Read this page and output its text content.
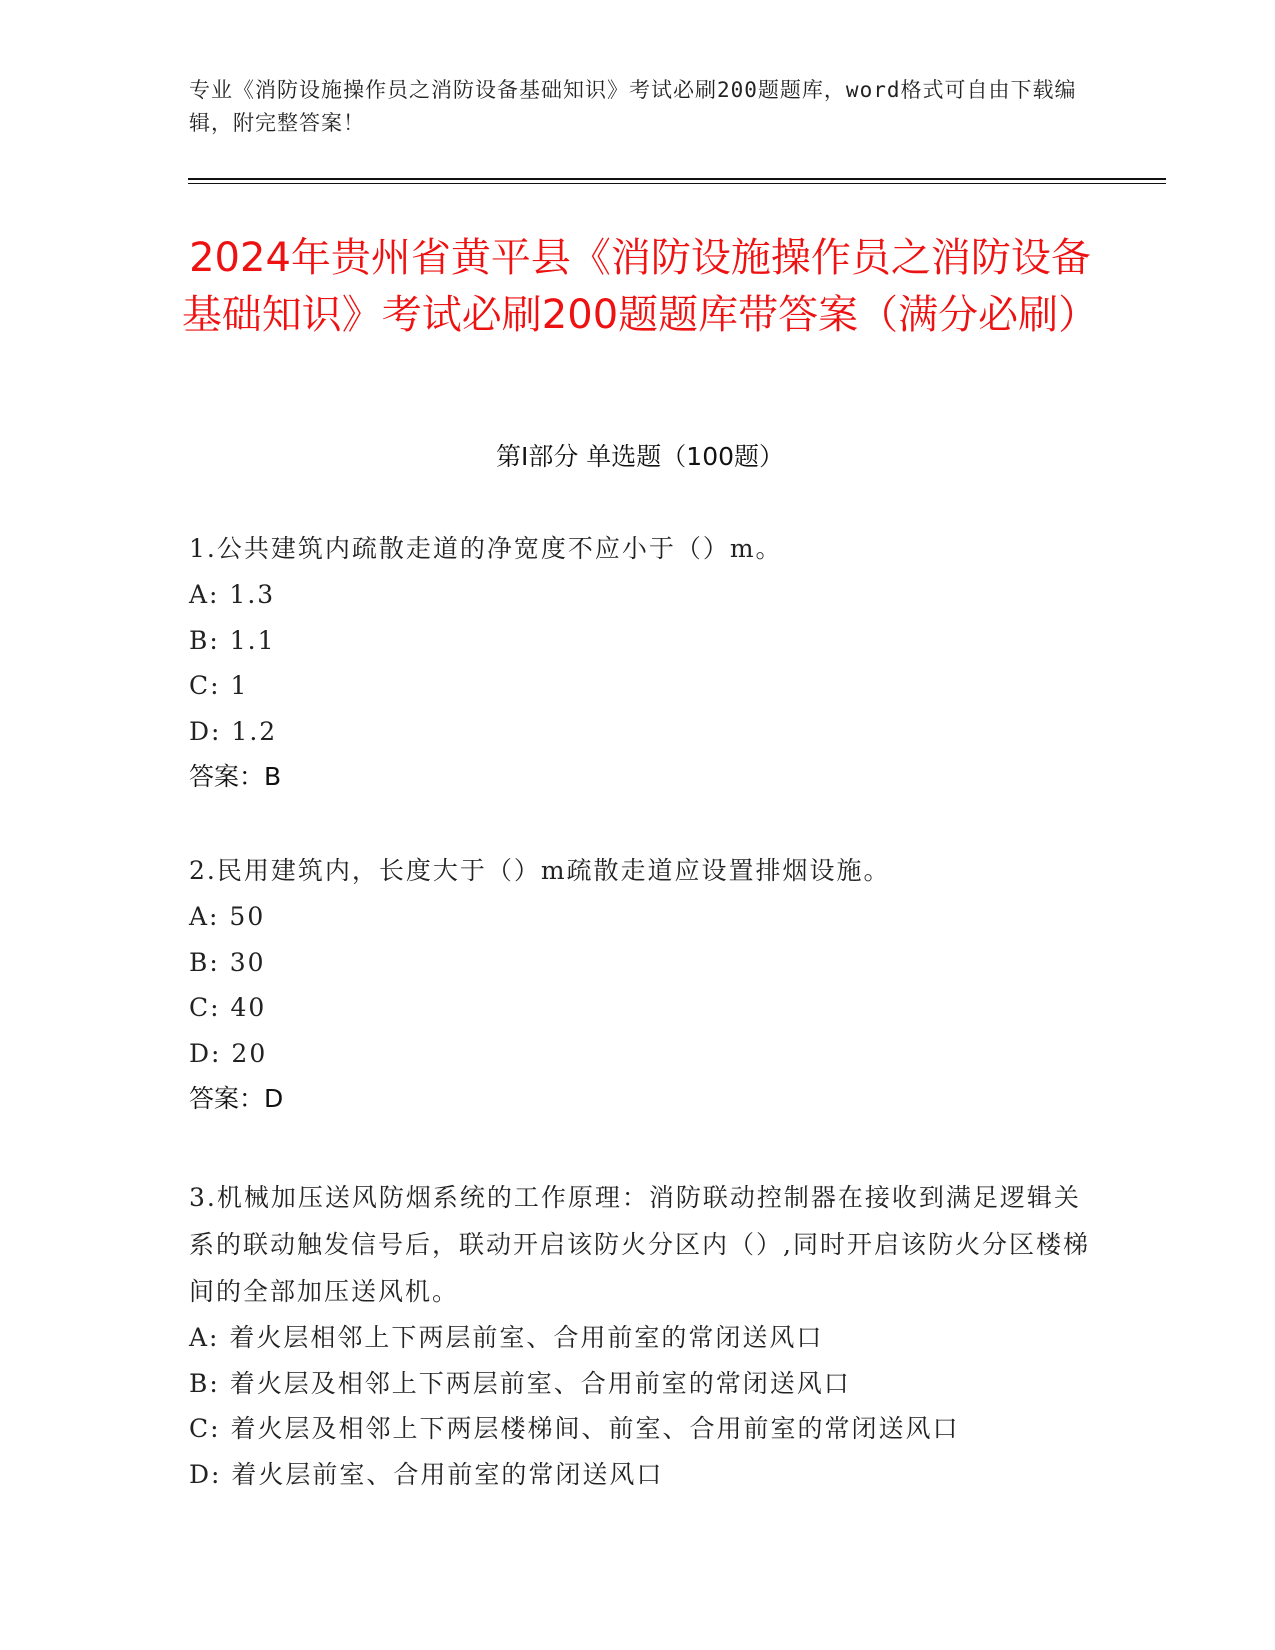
专业《消防设施操作员之消防设备基础知识》考试必刷200题题库，word格式可自由下载编辑，附完整答案！
2024年贵州省黄平县《消防设施操作员之消防设备基础知识》考试必刷200题题库带答案（满分必刷）
第I部分 单选题（100题）
1.公共建筑内疏散走道的净宽度不应小于（）m。
A: 1.3
B: 1.1
C: 1
D: 1.2
答案：B
2.民用建筑内，长度大于（）m疏散走道应设置排烟设施。
A: 50
B: 30
C: 40
D: 20
答案：D
3.机械加压送风防烟系统的工作原理：消防联动控制器在接收到满足逻辑关系的联动触发信号后，联动开启该防火分区内（）,同时开启该防火分区楼梯间的全部加压送风机。
A: 着火层相邻上下两层前室、合用前室的常闭送风口
B: 着火层及相邻上下两层前室、合用前室的常闭送风口
C: 着火层及相邻上下两层楼梯间、前室、合用前室的常闭送风口
D: 着火层前室、合用前室的常闭送风口
